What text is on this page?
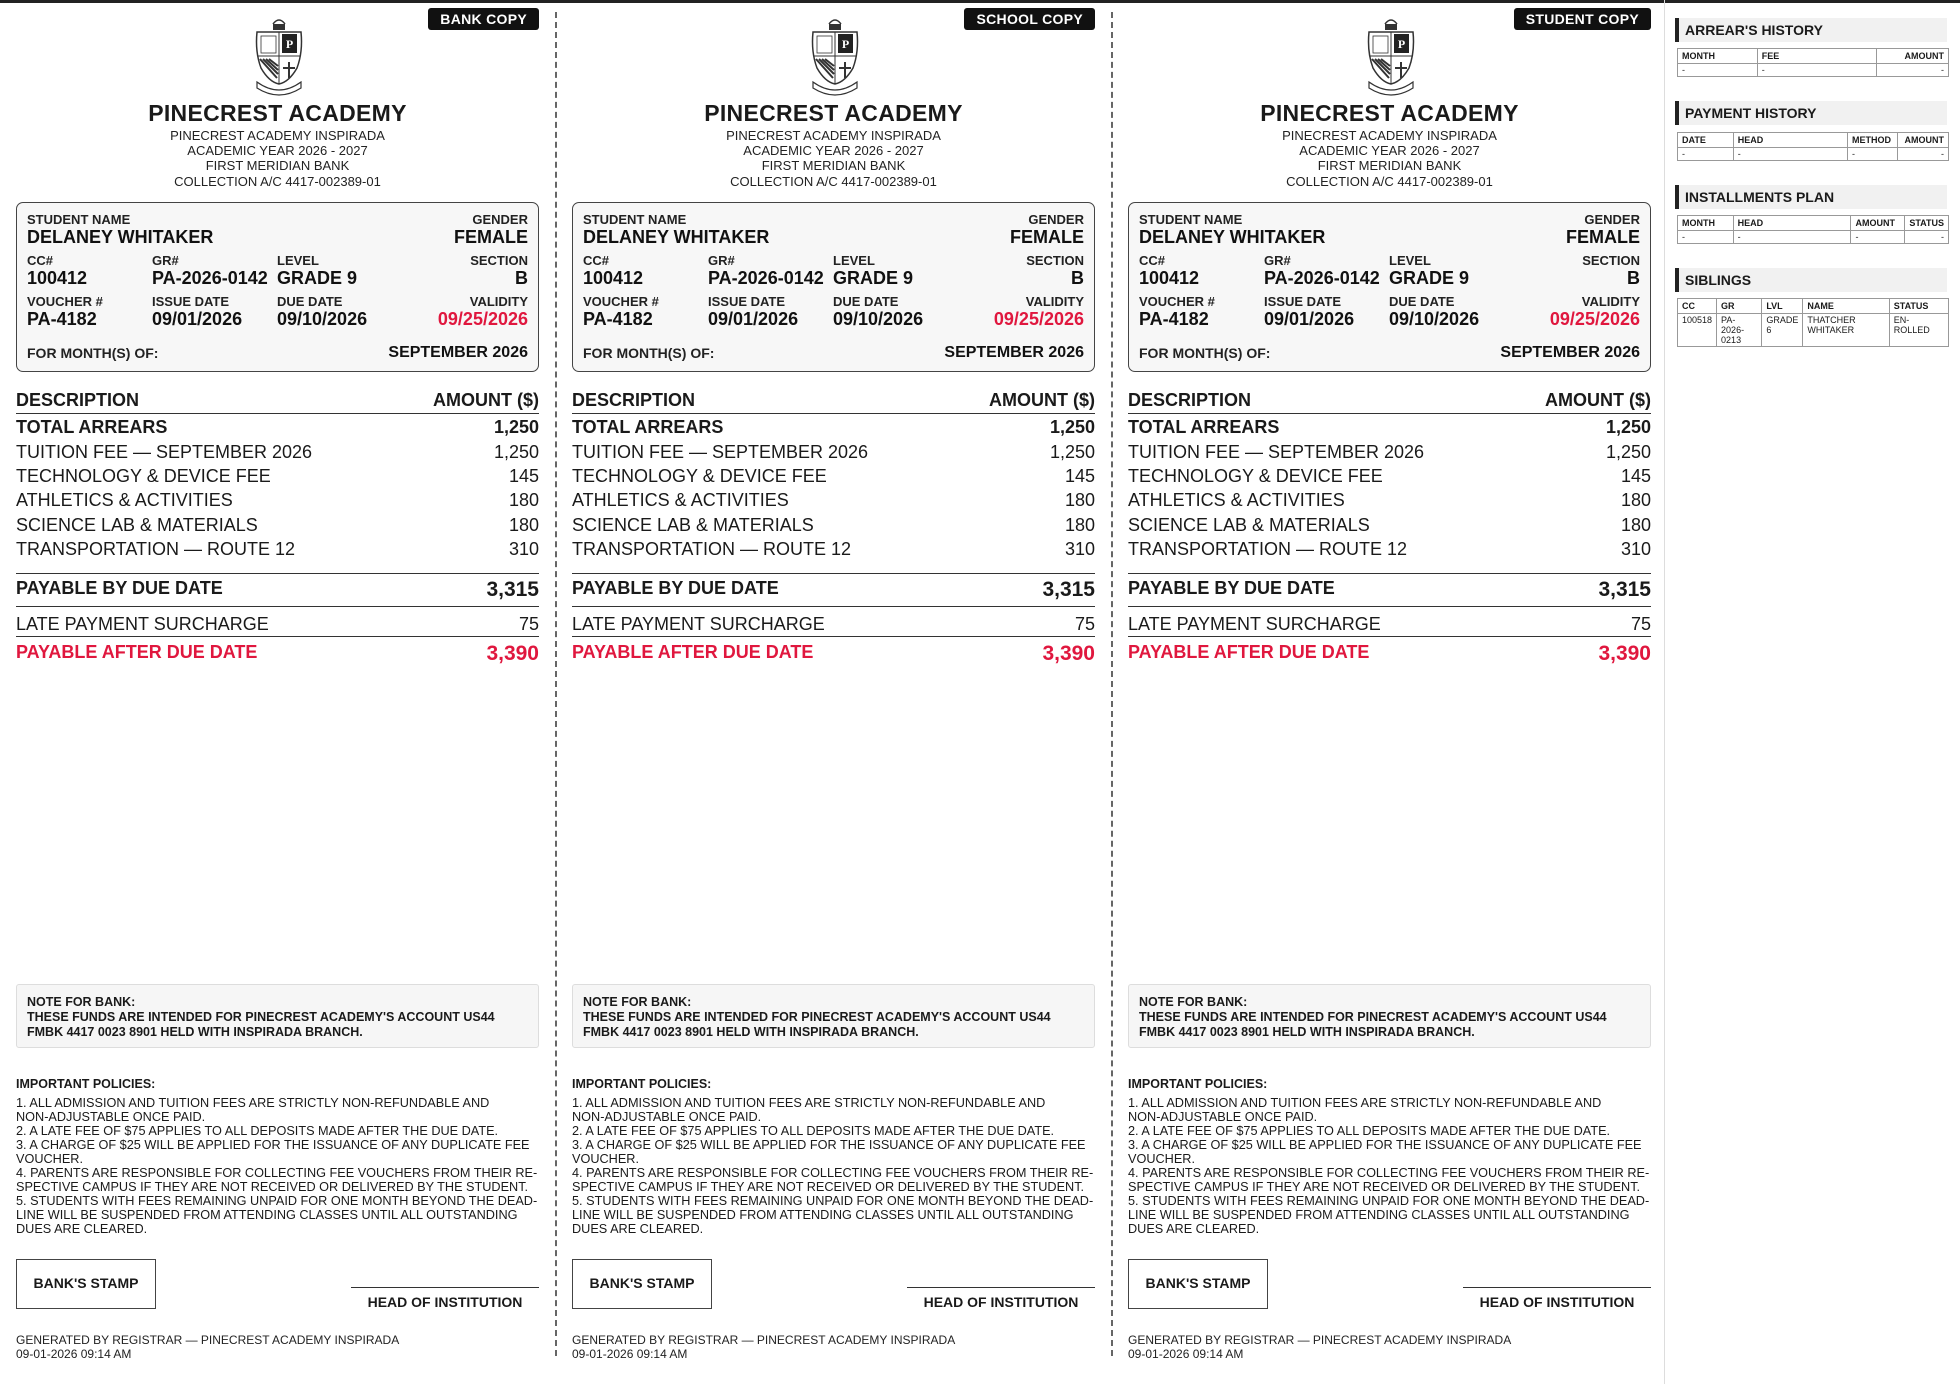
BANK COPY
P
PINECREST ACADEMY
PINECREST ACADEMY INSPIRADA
ACADEMIC YEAR 2026 - 2027
FIRST MERIDIAN BANK
COLLECTION A/C 4417-002389-01
STUDENT NAME
DELANEY WHITAKER
GENDER
FEMALE
CC#
100412
GR#
PA-2026-0142
LEVEL
GRADE 9
SECTION
B
VOUCHER #
PA-4182
ISSUE DATE
09/01/2026
DUE DATE
09/10/2026
VALIDITY
09/25/2026
FOR MONTH(S) OF:	SEPTEMBER 2026
DESCRIPTION	AMOUNT ($)
TOTAL ARREARS	1,250
TUITION FEE — SEPTEMBER 2026	1,250
TECHNOLOGY & DEVICE FEE	145
ATHLETICS & ACTIVITIES	180
SCIENCE LAB & MATERIALS	180
TRANSPORTATION — ROUTE 12	310
PAYABLE BY DUE DATE	3,315
LATE PAYMENT SURCHARGE	75
PAYABLE AFTER DUE DATE	3,390
NOTE FOR BANK:
THESE FUNDS ARE INTENDED FOR PINECREST ACADEMY'S ACCOUNT US44
FMBK 4417 0023 8901 HELD WITH INSPIRADA BRANCH.
IMPORTANT POLICIES:
1. ALL ADMISSION AND TUITION FEES ARE STRICTLY NON-REFUNDABLE AND
NON-ADJUSTABLE ONCE PAID.
2. A LATE FEE OF $75 APPLIES TO ALL DEPOSITS MADE AFTER THE DUE DATE.
3. A CHARGE OF $25 WILL BE APPLIED FOR THE ISSUANCE OF ANY DUPLICATE FEE
VOUCHER.
4. PARENTS ARE RESPONSIBLE FOR COLLECTING FEE VOUCHERS FROM THEIR RE-
SPECTIVE CAMPUS IF THEY ARE NOT RECEIVED OR DELIVERED BY THE STUDENT.
5. STUDENTS WITH FEES REMAINING UNPAID FOR ONE MONTH BEYOND THE DEAD-
LINE WILL BE SUSPENDED FROM ATTENDING CLASSES UNTIL ALL OUTSTANDING
DUES ARE CLEARED.
BANK'S STAMP
HEAD OF INSTITUTION
GENERATED BY REGISTRAR — PINECREST ACADEMY INSPIRADA
09-01-2026 09:14 AM
SCHOOL COPY
P
PINECREST ACADEMY
PINECREST ACADEMY INSPIRADA
ACADEMIC YEAR 2026 - 2027
FIRST MERIDIAN BANK
COLLECTION A/C 4417-002389-01
STUDENT NAME
DELANEY WHITAKER
GENDER
FEMALE
CC#
100412
GR#
PA-2026-0142
LEVEL
GRADE 9
SECTION
B
VOUCHER #
PA-4182
ISSUE DATE
09/01/2026
DUE DATE
09/10/2026
VALIDITY
09/25/2026
FOR MONTH(S) OF:	SEPTEMBER 2026
DESCRIPTION	AMOUNT ($)
TOTAL ARREARS	1,250
TUITION FEE — SEPTEMBER 2026	1,250
TECHNOLOGY & DEVICE FEE	145
ATHLETICS & ACTIVITIES	180
SCIENCE LAB & MATERIALS	180
TRANSPORTATION — ROUTE 12	310
PAYABLE BY DUE DATE	3,315
LATE PAYMENT SURCHARGE	75
PAYABLE AFTER DUE DATE	3,390
NOTE FOR BANK:
THESE FUNDS ARE INTENDED FOR PINECREST ACADEMY'S ACCOUNT US44
FMBK 4417 0023 8901 HELD WITH INSPIRADA BRANCH.
IMPORTANT POLICIES:
1. ALL ADMISSION AND TUITION FEES ARE STRICTLY NON-REFUNDABLE AND
NON-ADJUSTABLE ONCE PAID.
2. A LATE FEE OF $75 APPLIES TO ALL DEPOSITS MADE AFTER THE DUE DATE.
3. A CHARGE OF $25 WILL BE APPLIED FOR THE ISSUANCE OF ANY DUPLICATE FEE
VOUCHER.
4. PARENTS ARE RESPONSIBLE FOR COLLECTING FEE VOUCHERS FROM THEIR RE-
SPECTIVE CAMPUS IF THEY ARE NOT RECEIVED OR DELIVERED BY THE STUDENT.
5. STUDENTS WITH FEES REMAINING UNPAID FOR ONE MONTH BEYOND THE DEAD-
LINE WILL BE SUSPENDED FROM ATTENDING CLASSES UNTIL ALL OUTSTANDING
DUES ARE CLEARED.
BANK'S STAMP
HEAD OF INSTITUTION
GENERATED BY REGISTRAR — PINECREST ACADEMY INSPIRADA
09-01-2026 09:14 AM
STUDENT COPY
P
PINECREST ACADEMY
PINECREST ACADEMY INSPIRADA
ACADEMIC YEAR 2026 - 2027
FIRST MERIDIAN BANK
COLLECTION A/C 4417-002389-01
STUDENT NAME
DELANEY WHITAKER
GENDER
FEMALE
CC#
100412
GR#
PA-2026-0142
LEVEL
GRADE 9
SECTION
B
VOUCHER #
PA-4182
ISSUE DATE
09/01/2026
DUE DATE
09/10/2026
VALIDITY
09/25/2026
FOR MONTH(S) OF:	SEPTEMBER 2026
DESCRIPTION	AMOUNT ($)
TOTAL ARREARS	1,250
TUITION FEE — SEPTEMBER 2026	1,250
TECHNOLOGY & DEVICE FEE	145
ATHLETICS & ACTIVITIES	180
SCIENCE LAB & MATERIALS	180
TRANSPORTATION — ROUTE 12	310
PAYABLE BY DUE DATE	3,315
LATE PAYMENT SURCHARGE	75
PAYABLE AFTER DUE DATE	3,390
NOTE FOR BANK:
THESE FUNDS ARE INTENDED FOR PINECREST ACADEMY'S ACCOUNT US44
FMBK 4417 0023 8901 HELD WITH INSPIRADA BRANCH.
IMPORTANT POLICIES:
1. ALL ADMISSION AND TUITION FEES ARE STRICTLY NON-REFUNDABLE AND
NON-ADJUSTABLE ONCE PAID.
2. A LATE FEE OF $75 APPLIES TO ALL DEPOSITS MADE AFTER THE DUE DATE.
3. A CHARGE OF $25 WILL BE APPLIED FOR THE ISSUANCE OF ANY DUPLICATE FEE
VOUCHER.
4. PARENTS ARE RESPONSIBLE FOR COLLECTING FEE VOUCHERS FROM THEIR RE-
SPECTIVE CAMPUS IF THEY ARE NOT RECEIVED OR DELIVERED BY THE STUDENT.
5. STUDENTS WITH FEES REMAINING UNPAID FOR ONE MONTH BEYOND THE DEAD-
LINE WILL BE SUSPENDED FROM ATTENDING CLASSES UNTIL ALL OUTSTANDING
DUES ARE CLEARED.
BANK'S STAMP
HEAD OF INSTITUTION
GENERATED BY REGISTRAR — PINECREST ACADEMY INSPIRADA
09-01-2026 09:14 AM
ARREAR'S HISTORY
MONTH	FEE	AMOUNT
-	-	-
PAYMENT HISTORY
DATE	HEAD	METHOD	AMOUNT
-	-	-	-
INSTALLMENTS PLAN
MONTH	HEAD	AMOUNT	STATUS
-	-	-	-
SIBLINGS
CC	GR	LVL	NAME	STATUS
100518	PA-2026-0213	GRADE 6	THATCHER WHITAKER	EN-ROLLED
